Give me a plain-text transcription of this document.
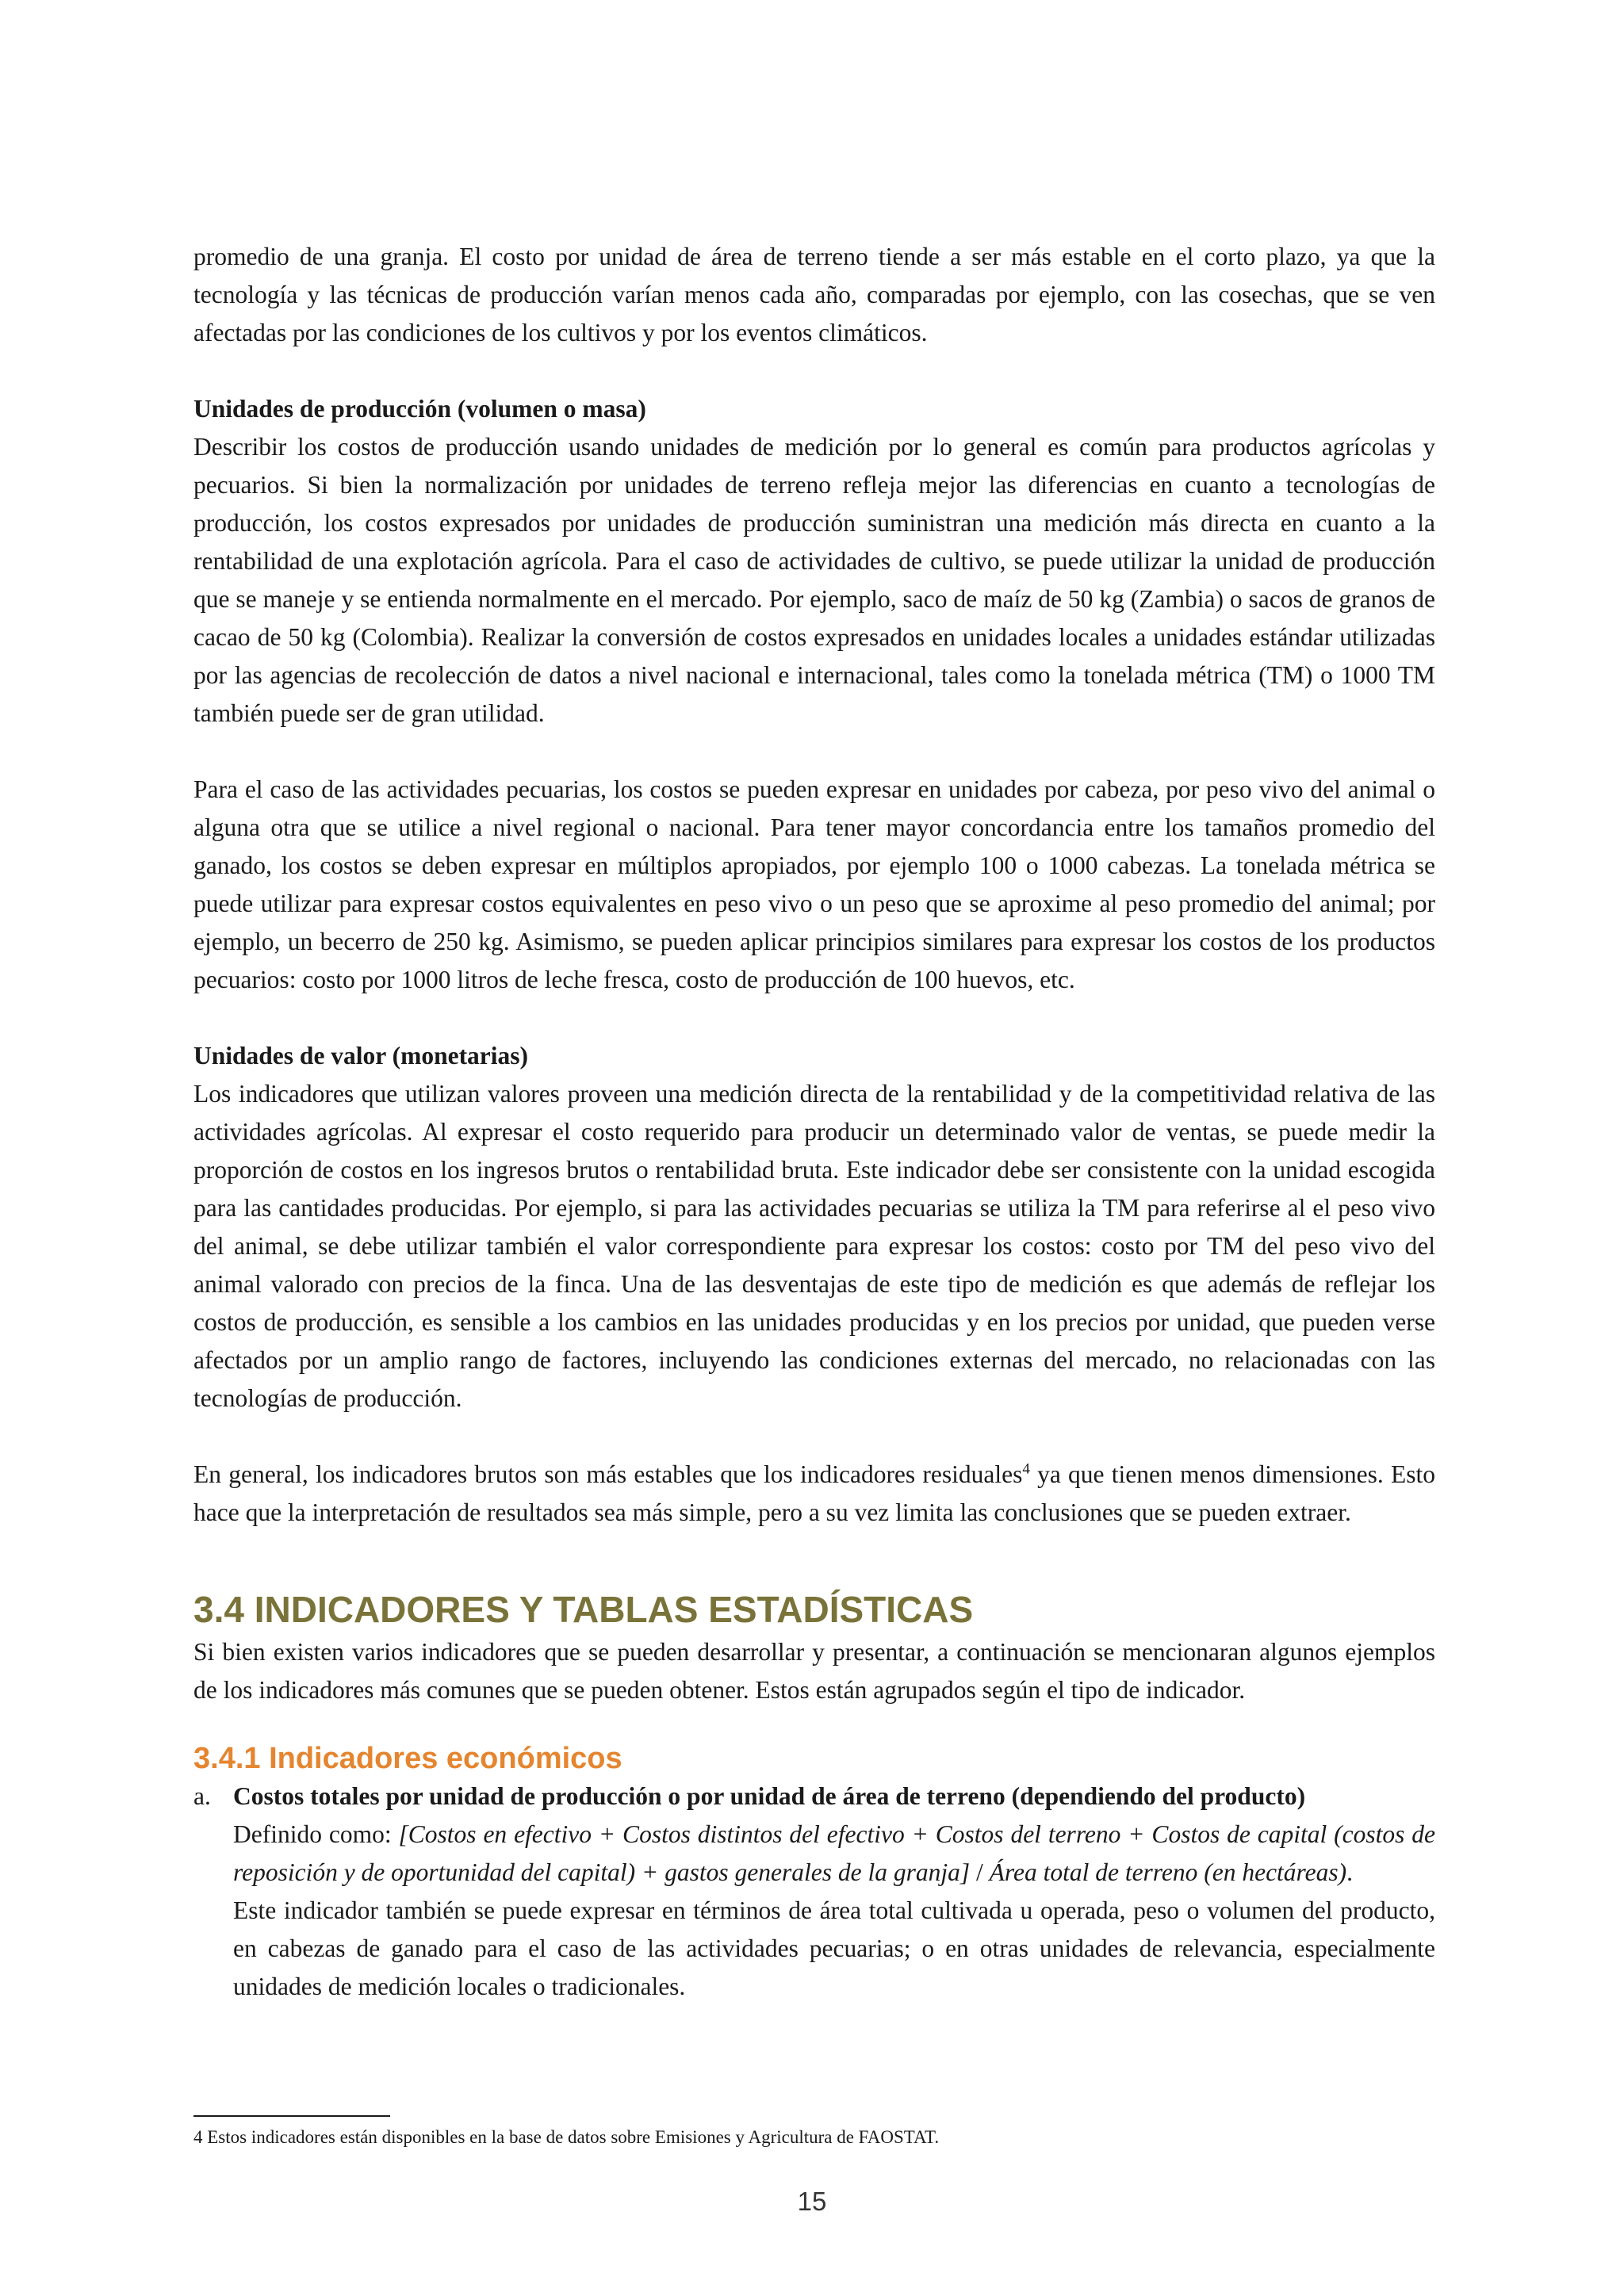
promedio de una granja. El costo por unidad de área de terreno tiende a ser más estable en el corto plazo, ya que la tecnología y las técnicas de producción varían menos cada año, comparadas por ejemplo, con las cosechas, que se ven afectadas por las condiciones de los cultivos y por los eventos climáticos.

Unidades de producción (volumen o masa)

Describir los costos de producción usando unidades de medición por lo general es común para productos agrícolas y pecuarios. Si bien la normalización por unidades de terreno refleja mejor las diferencias en cuanto a tecnologías de producción, los costos expresados por unidades de producción suministran una medición más directa en cuanto a la rentabilidad de una explotación agrícola. Para el caso de actividades de cultivo, se puede utilizar la unidad de producción que se maneje y se entienda normalmente en el mercado. Por ejemplo, saco de maíz de 50 kg (Zambia) o sacos de granos de cacao de 50 kg (Colombia). Realizar la conversión de costos expresados en unidades locales a unidades estándar utilizadas por las agencias de recolección de datos a nivel nacional e internacional, tales como la tonelada métrica (TM) o 1000 TM también puede ser de gran utilidad.

Para el caso de las actividades pecuarias, los costos se pueden expresar en unidades por cabeza, por peso vivo del animal o alguna otra que se utilice a nivel regional o nacional. Para tener mayor concordancia entre los tamaños promedio del ganado, los costos se deben expresar en múltiplos apropiados, por ejemplo 100 o 1000 cabezas. La tonelada métrica se puede utilizar para expresar costos equivalentes en peso vivo o un peso que se aproxime al peso promedio del animal; por ejemplo, un becerro de 250 kg. Asimismo, se pueden aplicar principios similares para expresar los costos de los productos pecuarios: costo por 1000 litros de leche fresca, costo de producción de 100 huevos, etc.

Unidades de valor (monetarias)

Los indicadores que utilizan valores proveen una medición directa de la rentabilidad y de la competitividad relativa de las actividades agrícolas. Al expresar el costo requerido para producir un determinado valor de ventas, se puede medir la proporción de costos en los ingresos brutos o rentabilidad bruta. Este indicador debe ser consistente con la unidad escogida para las cantidades producidas. Por ejemplo, si para las actividades pecuarias se utiliza la TM para referirse al el peso vivo del animal, se debe utilizar también el valor correspondiente para expresar los costos: costo por TM del peso vivo del animal valorado con precios de la finca. Una de las desventajas de este tipo de medición es que además de reflejar los costos de producción, es sensible a los cambios en las unidades producidas y en los precios por unidad, que pueden verse afectados por un amplio rango de factores, incluyendo las condiciones externas del mercado, no relacionadas con las tecnologías de producción.

En general, los indicadores brutos son más estables que los indicadores residuales$^4$ ya que tienen menos dimensiones. Esto hace que la interpretación de resultados sea más simple, pero a su vez limita las conclusiones que se pueden extraer.

3.4 INDICADORES Y TABLAS ESTADÍSTICAS

Si bien existen varios indicadores que se pueden desarrollar y presentar, a continuación se mencionaran algunos ejemplos de los indicadores más comunes que se pueden obtener. Estos están agrupados según el tipo de indicador.

3.4.1 Indicadores económicos
a. Costos totales por unidad de producción o por unidad de área de terreno (dependiendo del producto)

Definido como: [Costos en efectivo + Costos distintos del efectivo + Costos del terreno + Costos de capital (costos de reposición y de oportunidad del capital) + gastos generales de la granja] / Área total de terreno (en hectáreas).

Este indicador también se puede expresar en términos de área total cultivada u operada, peso o volumen del producto, en cabezas de ganado para el caso de las actividades pecuarias; o en otras unidades de relevancia, especialmente unidades de medición locales o tradicionales.

4 Estos indicadores están disponibles en la base de datos sobre Emisiones y Agricultura de FAOSTAT.
15
